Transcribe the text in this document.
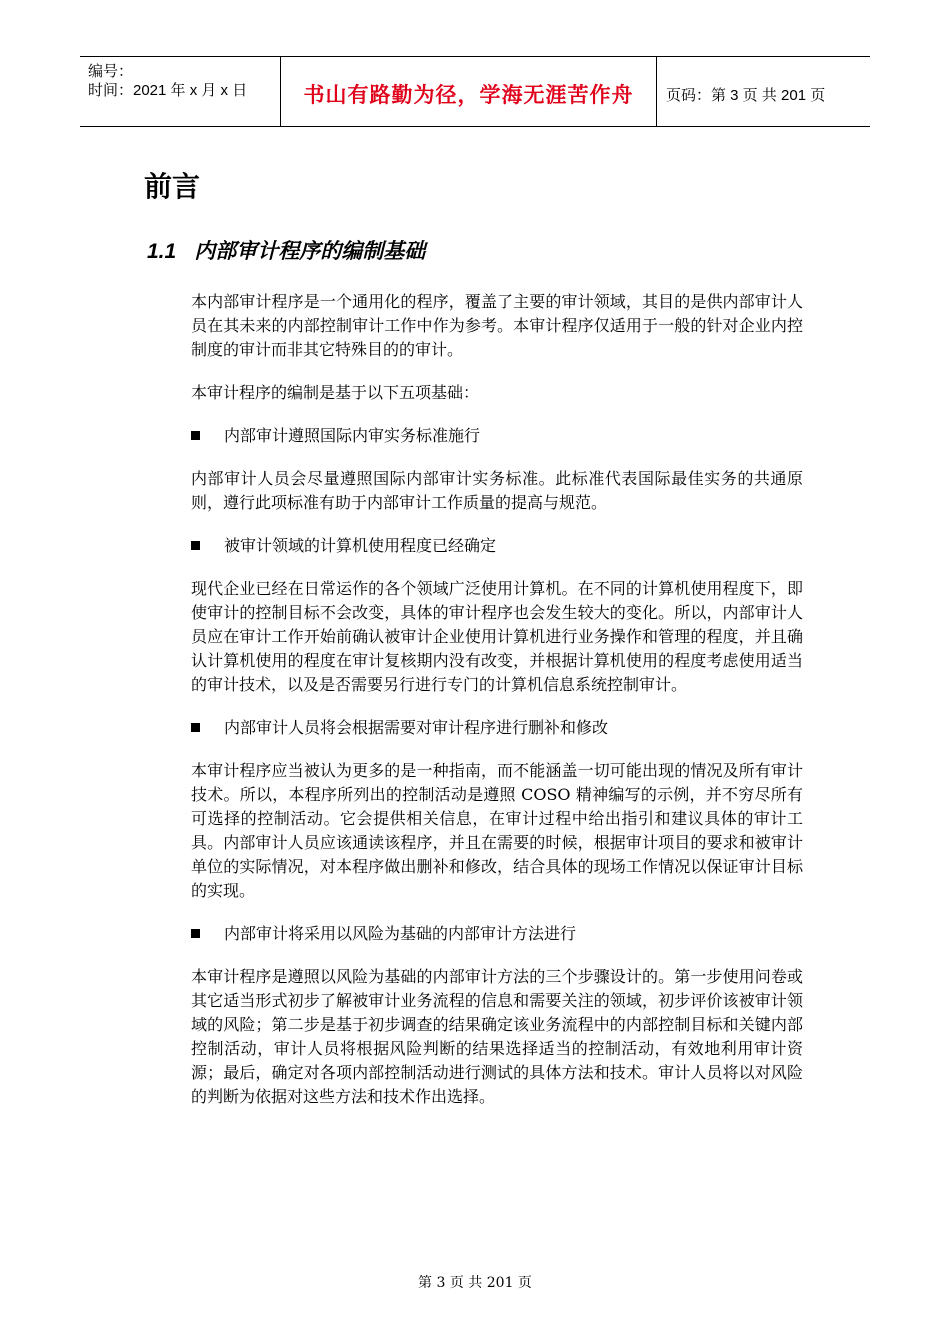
编号：
时间：2021 年 x 月 x 日	书山有路勤为径，学海无涯苦作舟	页码：第 3 页 共 201 页
前言
1.1 内部审计程序的编制基础

本内部审计程序是一个通用化的程序，覆盖了主要的审计领域，其目的是供内部审计人员在其未来的内部控制审计工作中作为参考。本审计程序仅适用于一般的针对企业内控制度的审计而非其它特殊目的的审计。

本审计程序的编制是基于以下五项基础：

内部审计遵照国际内审实务标准施行

内部审计人员会尽量遵照国际内部审计实务标准。此标准代表国际最佳实务的共通原则，遵行此项标准有助于内部审计工作质量的提高与规范。

被审计领域的计算机使用程度已经确定

现代企业已经在日常运作的各个领域广泛使用计算机。在不同的计算机使用程度下，即使审计的控制目标不会改变，具体的审计程序也会发生较大的变化。所以，内部审计人员应在审计工作开始前确认被审计企业使用计算机进行业务操作和管理的程度，并且确认计算机使用的程度在审计复核期内没有改变，并根据计算机使用的程度考虑使用适当的审计技术，以及是否需要另行进行专门的计算机信息系统控制审计。

内部审计人员将会根据需要对审计程序进行删补和修改

本审计程序应当被认为更多的是一种指南，而不能涵盖一切可能出现的情况及所有审计技术。所以，本程序所列出的控制活动是遵照 COSO 精神编写的示例，并不穷尽所有可选择的控制活动。它会提供相关信息，在审计过程中给出指引和建议具体的审计工具。内部审计人员应该通读该程序，并且在需要的时候，根据审计项目的要求和被审计单位的实际情况，对本程序做出删补和修改，结合具体的现场工作情况以保证审计目标的实现。

内部审计将采用以风险为基础的内部审计方法进行

本审计程序是遵照以风险为基础的内部审计方法的三个步骤设计的。第一步使用问卷或其它适当形式初步了解被审计业务流程的信息和需要关注的领域，初步评价该被审计领域的风险；第二步是基于初步调查的结果确定该业务流程中的内部控制目标和关键内部控制活动，审计人员将根据风险判断的结果选择适当的控制活动，有效地利用审计资源；最后，确定对各项内部控制活动进行测试的具体方法和技术。审计人员将以对风险的判断为依据对这些方法和技术作出选择。

第 3 页 共 201 页
